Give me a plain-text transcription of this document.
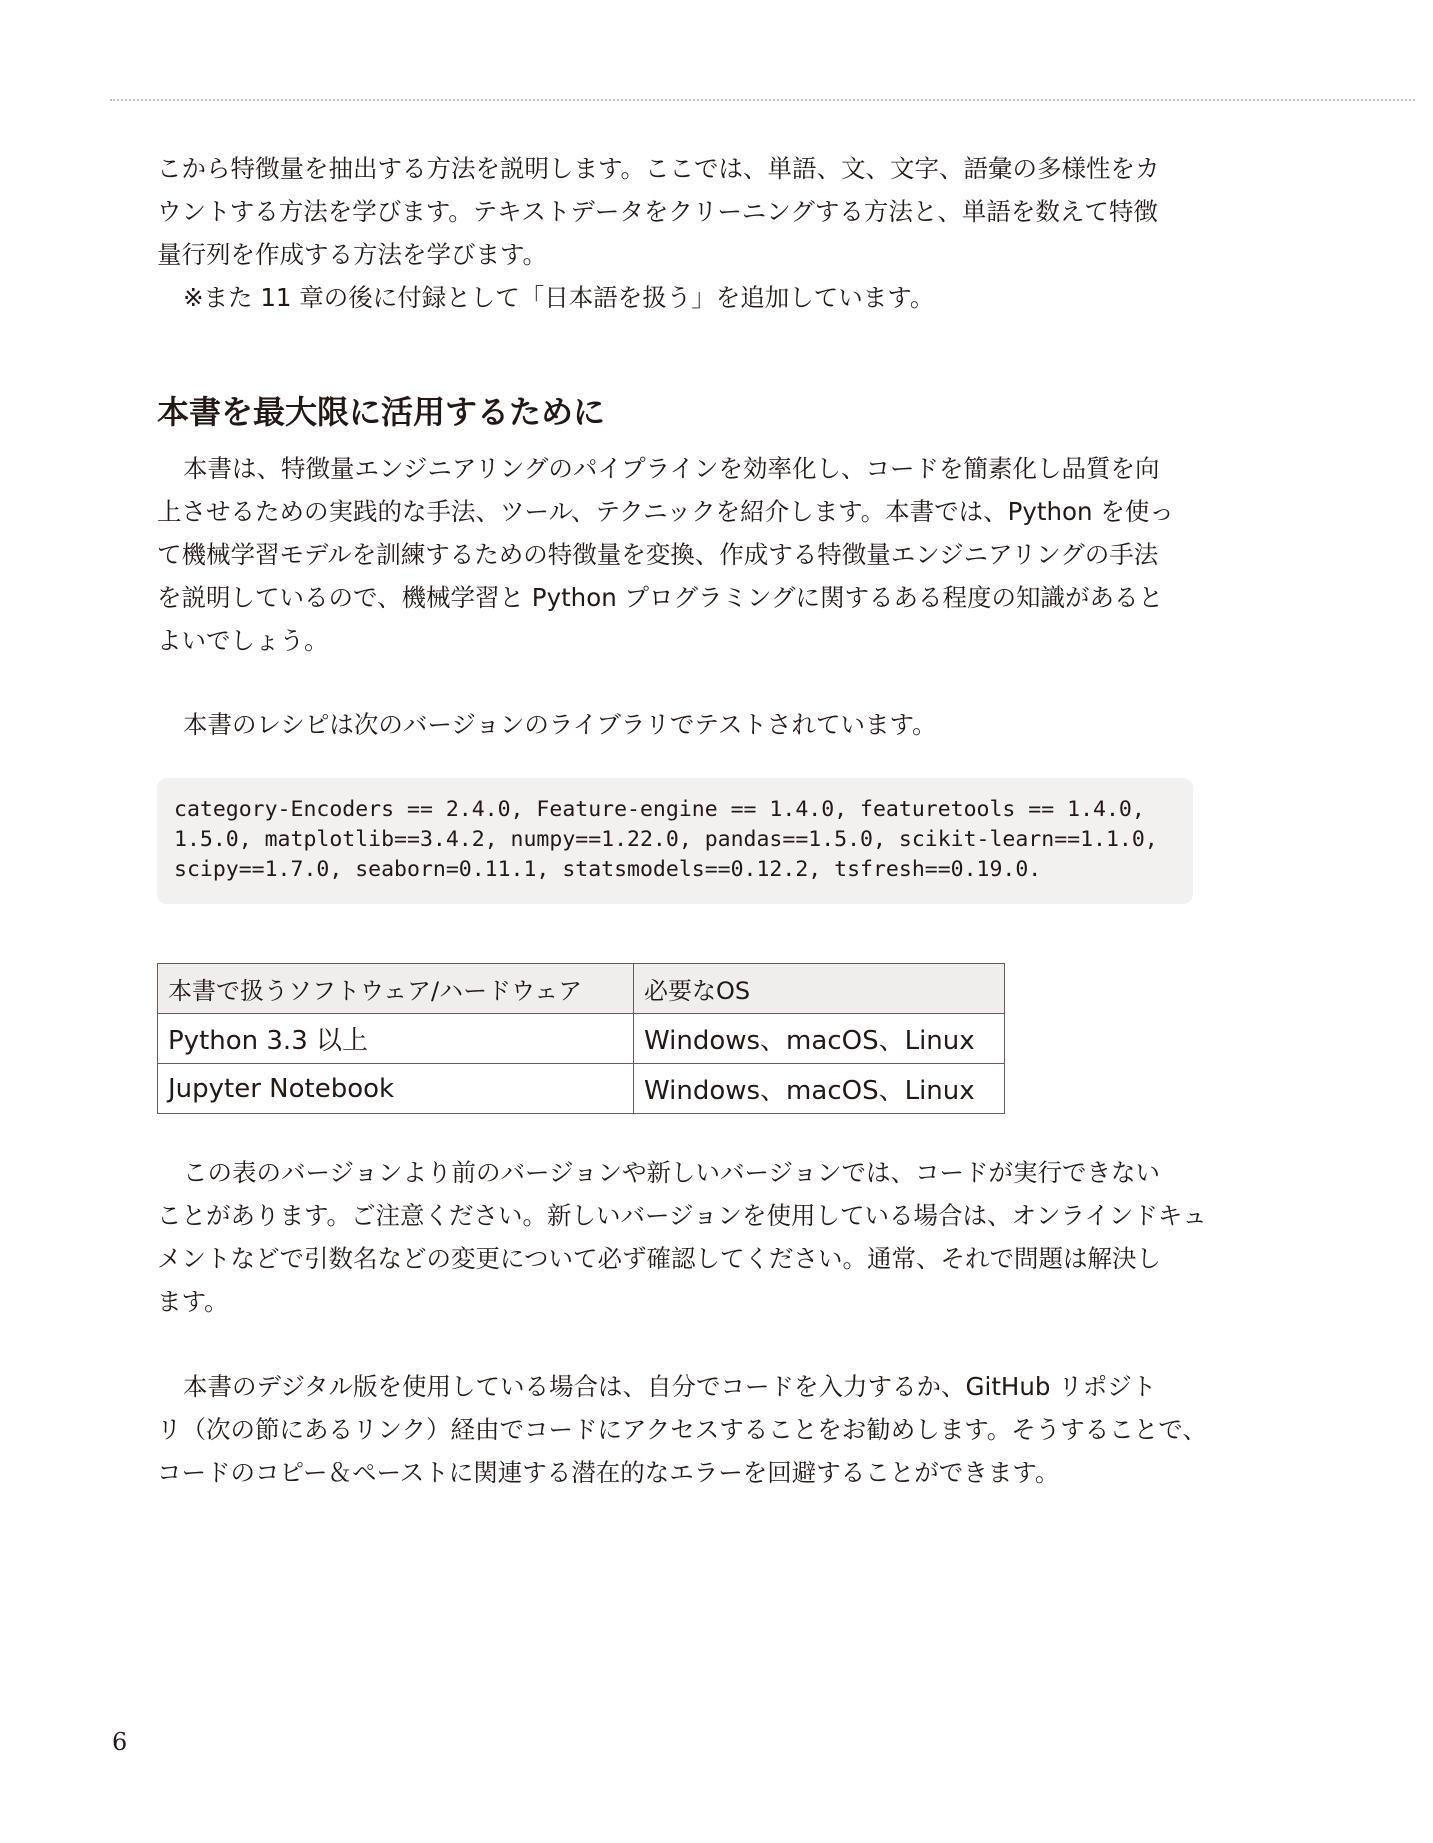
こから特徴量を抽出する方法を説明します。ここでは、単語、文、文字、語彙の多様性をカ
ウントする方法を学びます。テキストデータをクリーニングする方法と、単語を数えて特徴
量行列を作成する方法を学びます。
※また 11 章の後に付録として「日本語を扱う」を追加しています。
本書を最大限に活用するために
本書は、特徴量エンジニアリングのパイプラインを効率化し、コードを簡素化し品質を向
上させるための実践的な手法、ツール、テクニックを紹介します。本書では、Python を使っ
て機械学習モデルを訓練するための特徴量を変換、作成する特徴量エンジニアリングの手法
を説明しているので、機械学習と Python プログラミングに関するある程度の知識があると
よいでしょう。
本書のレシピは次のバージョンのライブラリでテストされています。
category-Encoders == 2.4.0, Feature-engine == 1.4.0, featuretools == 1.4.0,
1.5.0, matplotlib==3.4.2, numpy==1.22.0, pandas==1.5.0, scikit-learn==1.1.0,
scipy==1.7.0, seaborn=0.11.1, statsmodels==0.12.2, tsfresh==0.19.0.
本書で扱うソフトウェア/ハードウェア	必要なOS
Python 3.3 以上	Windows、macOS、Linux
Jupyter Notebook	Windows、macOS、Linux
この表のバージョンより前のバージョンや新しいバージョンでは、コードが実行できない
ことがあります。ご注意ください。新しいバージョンを使用している場合は、オンラインドキュ
メントなどで引数名などの変更について必ず確認してください。通常、それで問題は解決し
ます。
本書のデジタル版を使用している場合は、自分でコードを入力するか、GitHub リポジト
リ（次の節にあるリンク）経由でコードにアクセスすることをお勧めします。そうすることで、
コードのコピー＆ペーストに関連する潜在的なエラーを回避することができます。
6
